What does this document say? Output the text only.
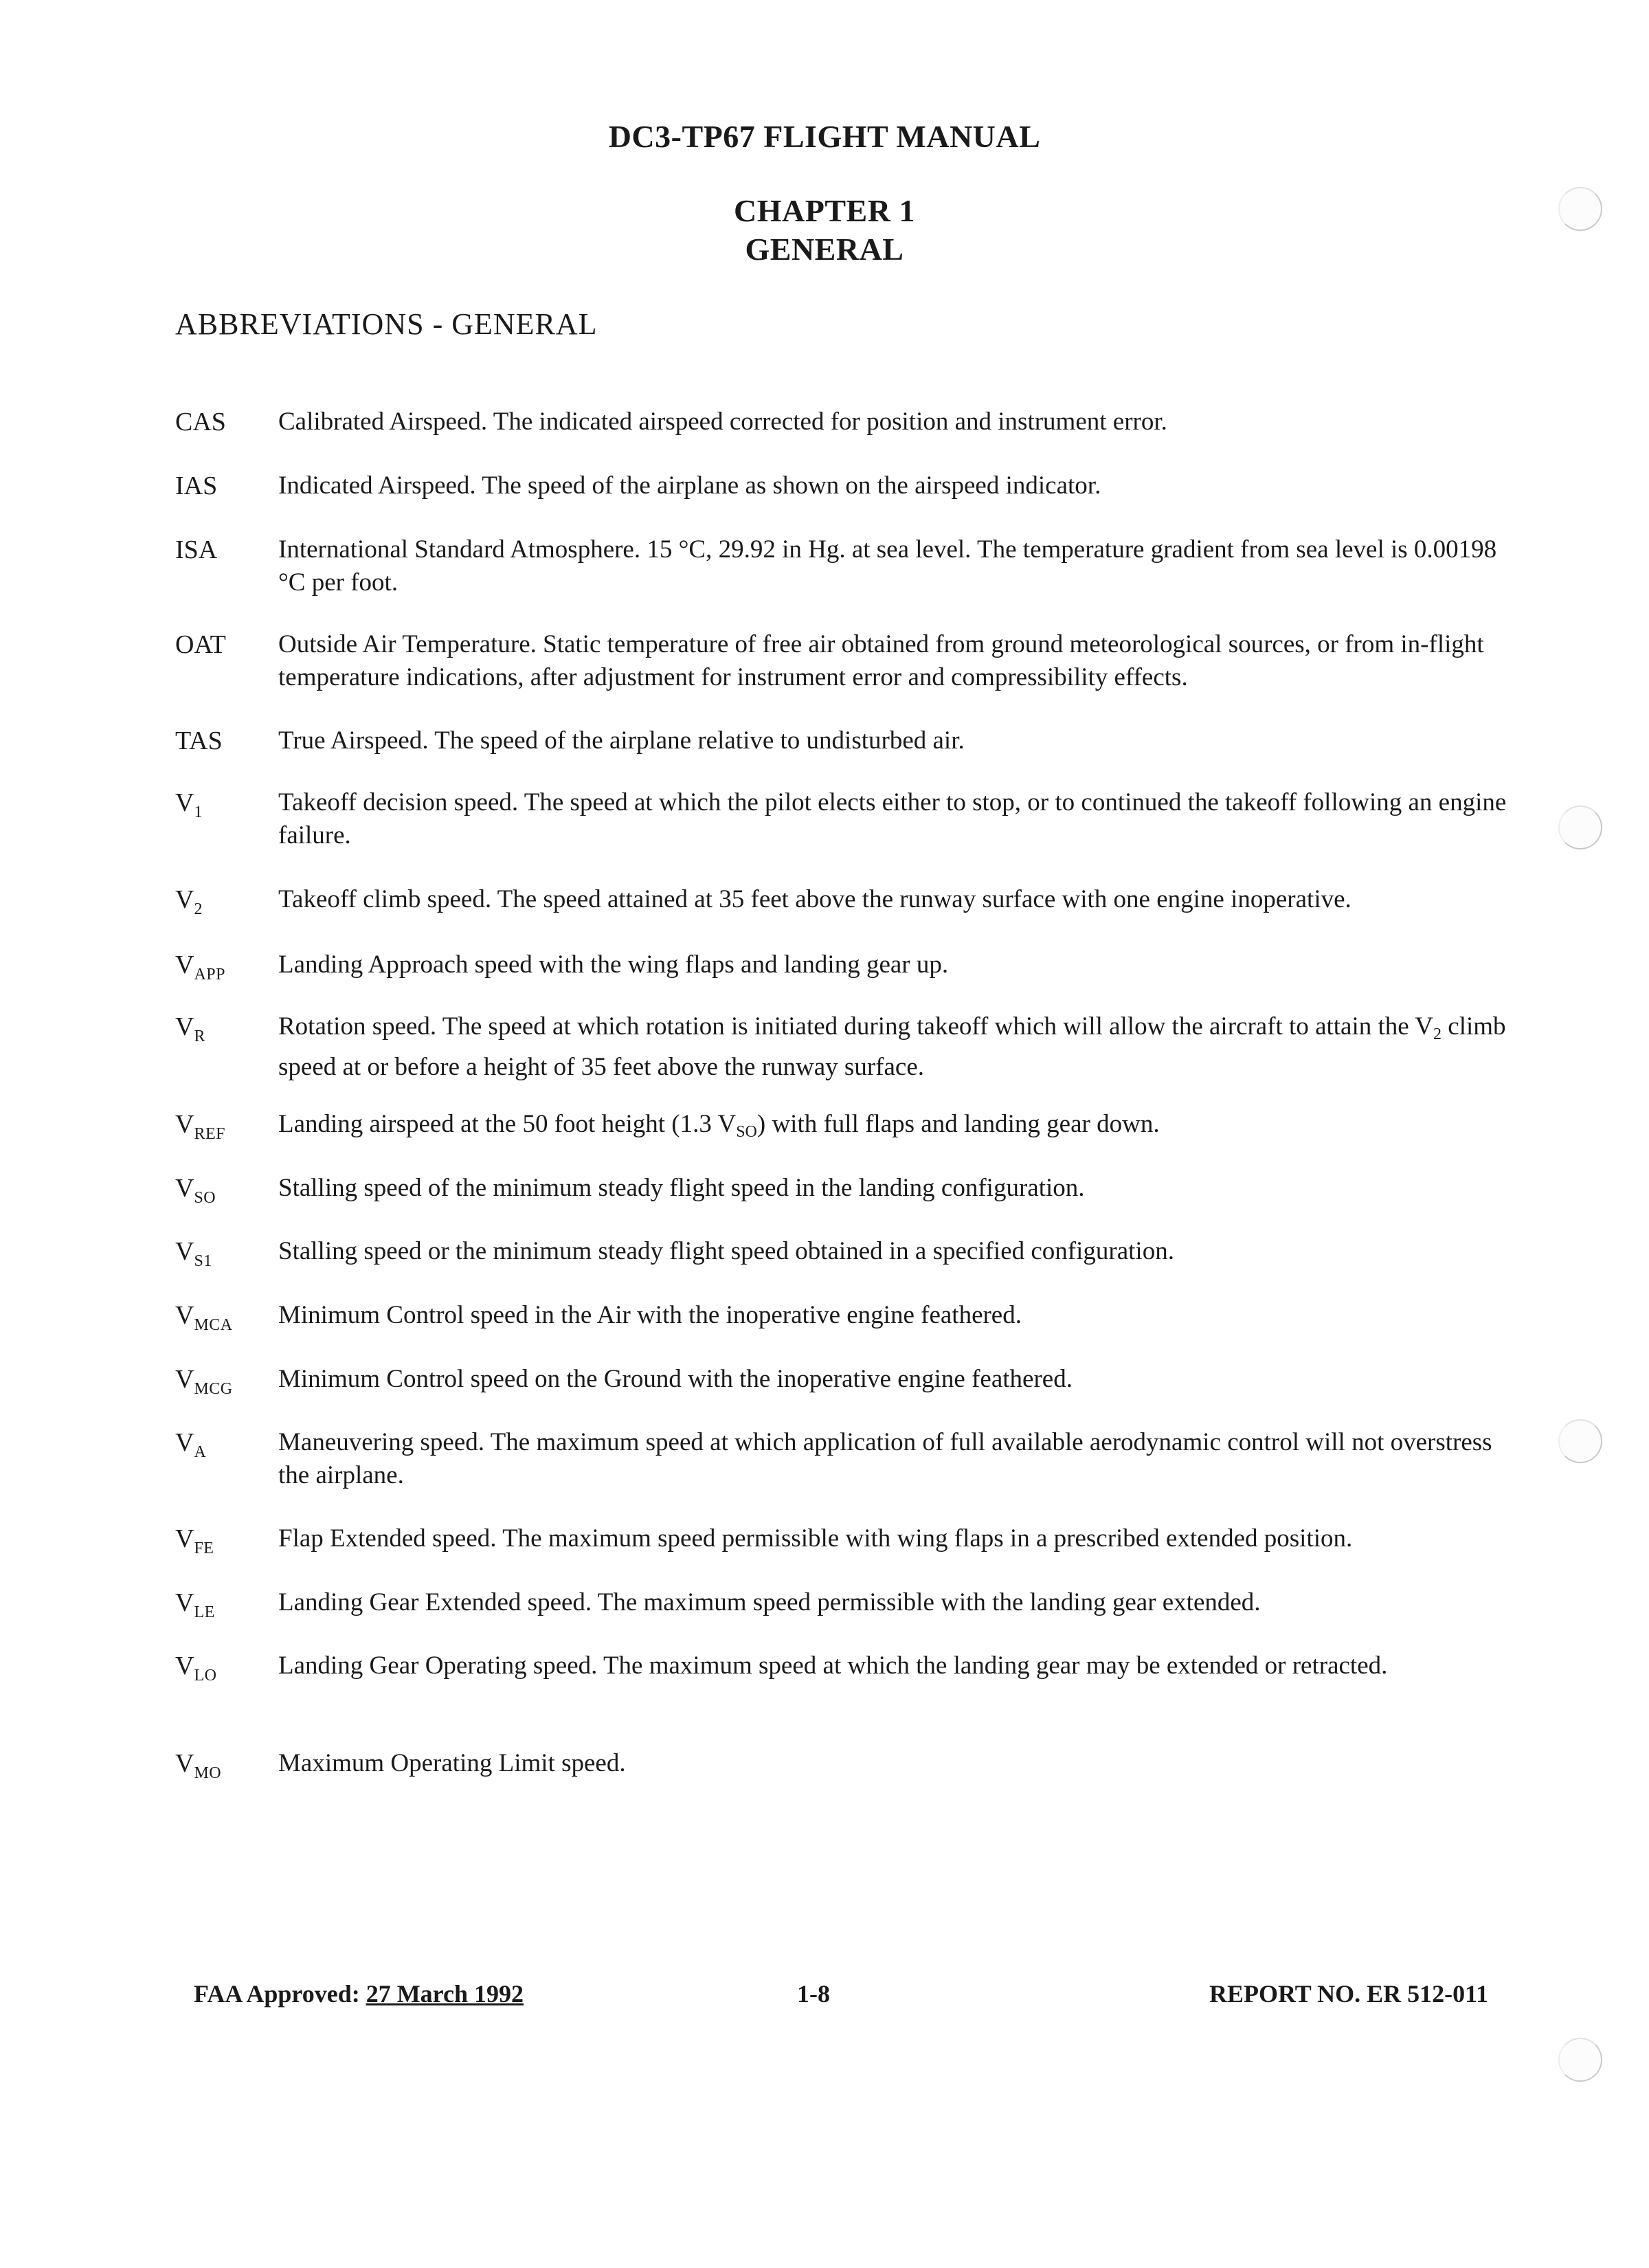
DC3-TP67 FLIGHT MANUAL
CHAPTER 1
GENERAL
ABBREVIATIONS - GENERAL
CAS	Calibrated Airspeed. The indicated airspeed corrected for position and instrument error.
IAS	Indicated Airspeed. The speed of the airplane as shown on the airspeed indicator.
ISA	International Standard Atmosphere. 15 °C, 29.92 in Hg. at sea level. The temperature gradient from sea level is 0.00198 °C per foot.
OAT	Outside Air Temperature. Static temperature of free air obtained from ground meteorological sources, or from in-flight temperature indications, after adjustment for instrument error and compressibility effects.
TAS	True Airspeed. The speed of the airplane relative to undisturbed air.
$V_1$	Takeoff decision speed. The speed at which the pilot elects either to stop, or to continued the takeoff following an engine failure.
$V_2$	Takeoff climb speed. The speed attained at 35 feet above the runway surface with one engine inoperative.
$V_{APP}$	Landing Approach speed with the wing flaps and landing gear up.
$V_R$	Rotation speed. The speed at which rotation is initiated during takeoff which will allow the aircraft to attain the $V_2$ climb speed at or before a height of 35 feet above the runway surface.
$V_{REF}$	Landing airspeed at the 50 foot height (1.3 $V_{SO}$) with full flaps and landing gear down.
$V_{SO}$	Stalling speed of the minimum steady flight speed in the landing configuration.
$V_{S1}$	Stalling speed or the minimum steady flight speed obtained in a specified configuration.
$V_{MCA}$	Minimum Control speed in the Air with the inoperative engine feathered.
$V_{MCG}$	Minimum Control speed on the Ground with the inoperative engine feathered.
$V_A$	Maneuvering speed. The maximum speed at which application of full available aerodynamic control will not overstress the airplane.
$V_{FE}$	Flap Extended speed. The maximum speed permissible with wing flaps in a prescribed extended position.
$V_{LE}$	Landing Gear Extended speed. The maximum speed permissible with the landing gear extended.
$V_{LO}$	Landing Gear Operating speed. The maximum speed at which the landing gear may be extended or retracted.
$V_{MO}$	Maximum Operating Limit speed.
FAA Approved: 27 March 1992	1-8	REPORT NO. ER 512-011
